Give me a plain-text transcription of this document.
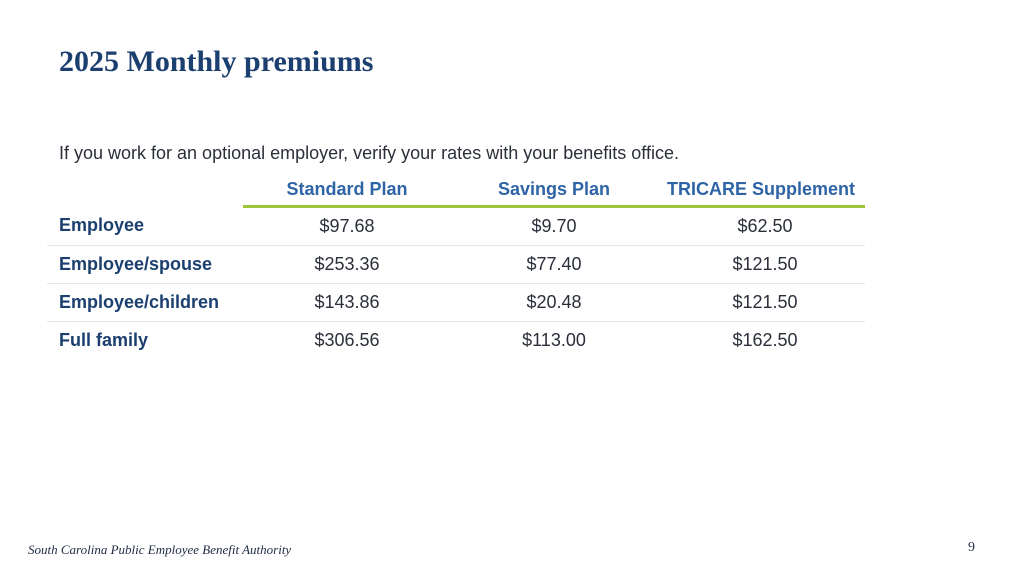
2025 Monthly premiums

If you work for an optional employer, verify your rates with your benefits office.

	Standard Plan	Savings Plan	TRICARE Supplement
Employee	$97.68	$9.70	$62.50
Employee/spouse	$253.36	$77.40	$121.50
Employee/children	$143.86	$20.48	$121.50
Full family	$306.56	$113.00	$162.50
South Carolina Public Employee Benefit Authority	9
